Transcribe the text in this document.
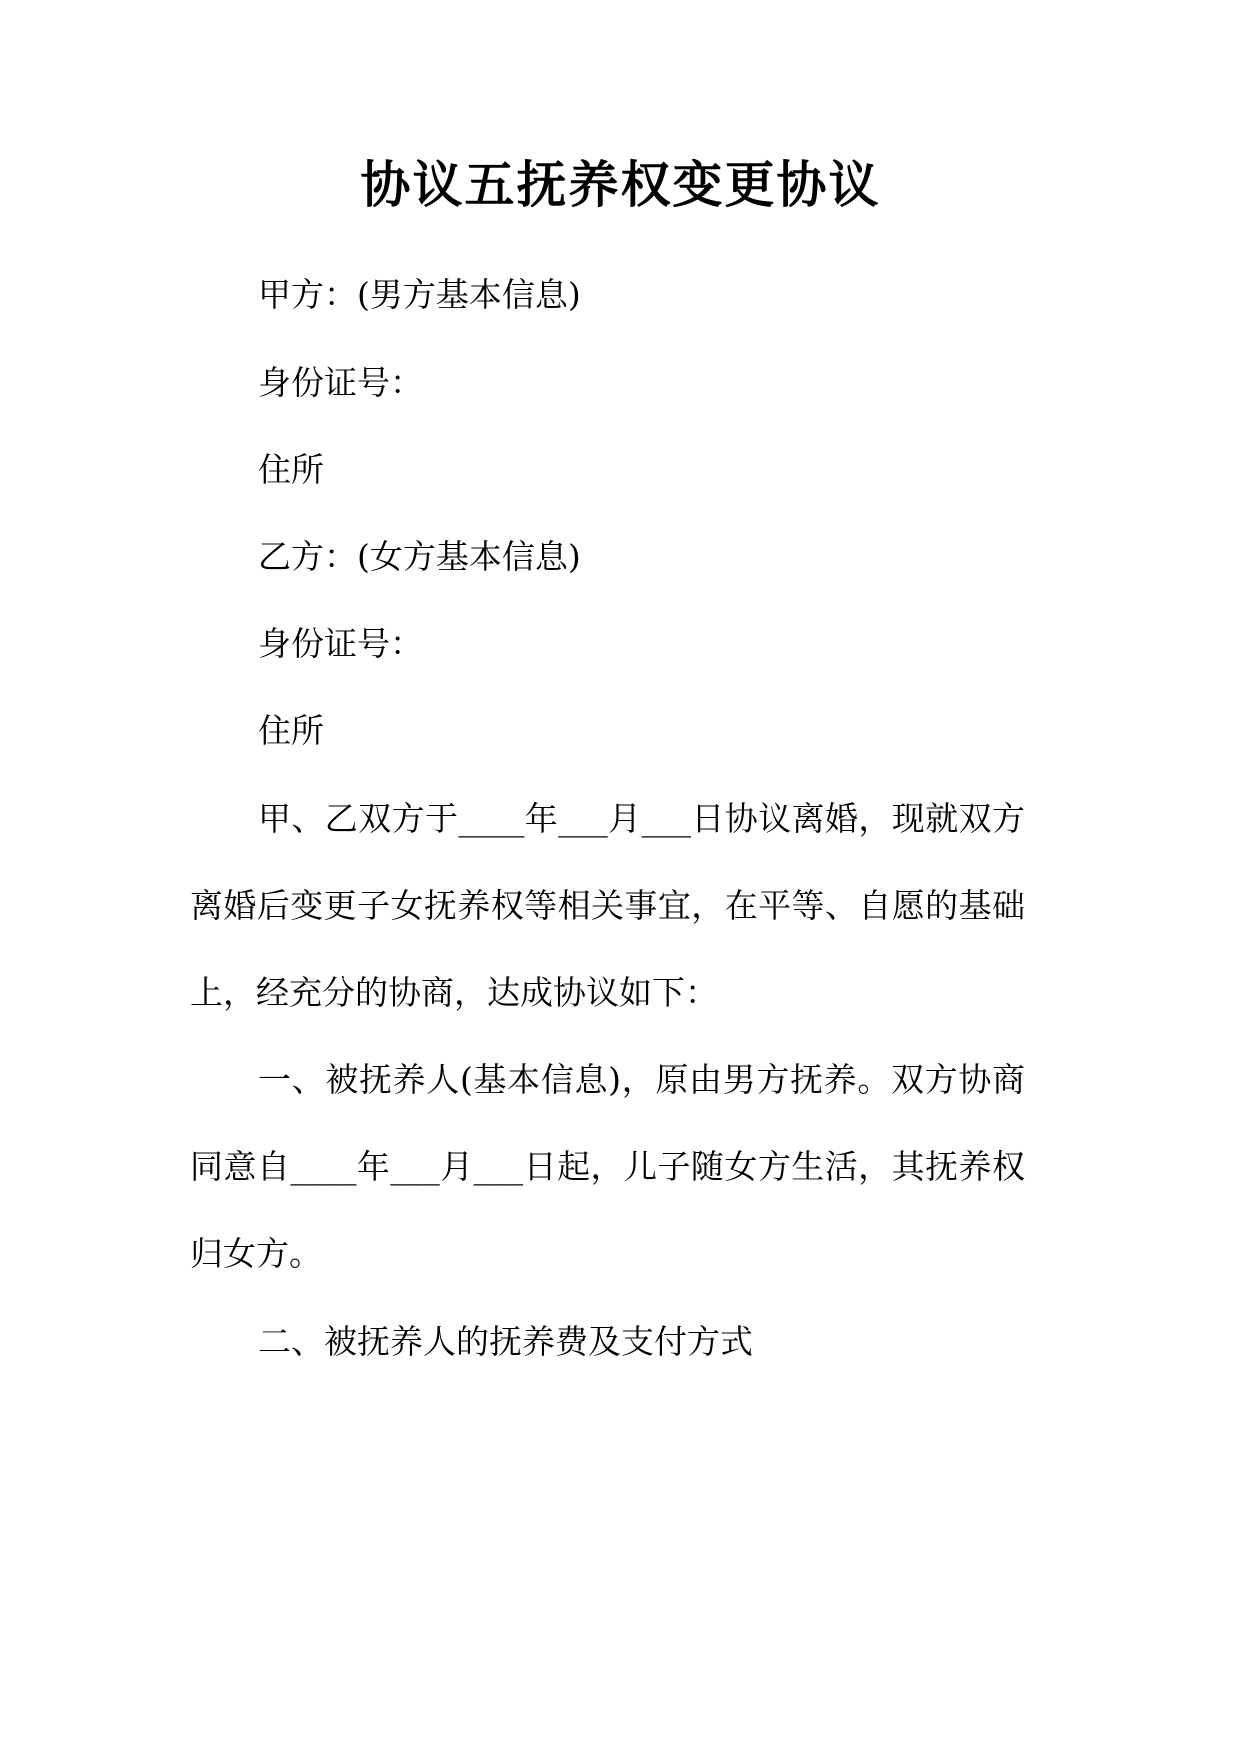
协议五抚养权变更协议
甲方：(男方基本信息)
身份证号：
住所
乙方：(女方基本信息)
身份证号：
住所
甲、乙双方于____年___月___日协议离婚，现就双方
离婚后变更子女抚养权等相关事宜，在平等、自愿的基础
上，经充分的协商，达成协议如下：
一、被抚养人(基本信息)，原由男方抚养。双方协商
同意自____年___月___日起，儿子随女方生活，其抚养权
归女方。
二、被抚养人的抚养费及支付方式
